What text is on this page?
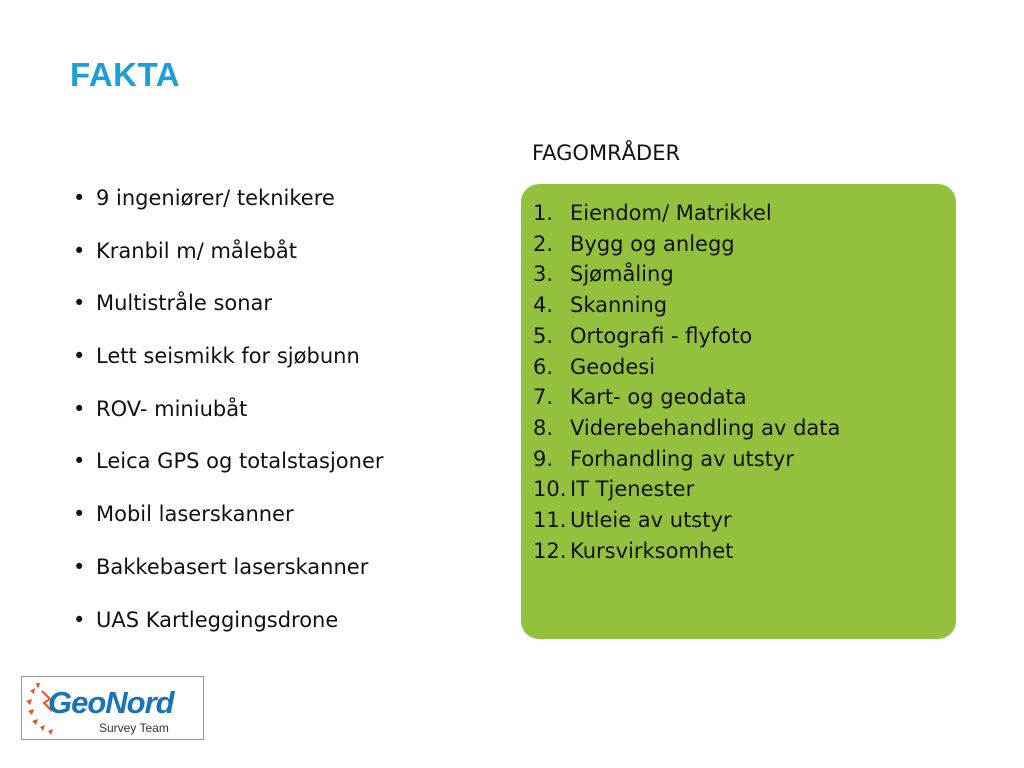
FAKTA
• 9 ingeniører/ teknikere
• Kranbil m/ målebåt
• Multistråle sonar
• Lett seismikk for sjøbunn
• ROV- miniubåt
• Leica GPS og totalstasjoner
• Mobil laserskanner
• Bakkebasert laserskanner
• UAS Kartleggingsdrone
FAGOMRÅDER
1. Eiendom/ Matrikkel
2. Bygg og anlegg
3. Sjømåling
4. Skanning
5. Ortografi - flyfoto
6. Geodesi
7. Kart- og geodata
8. Viderebehandling av data
9. Forhandling av utstyr
10. IT Tjenester
11. Utleie av utstyr
12. Kursvirksomhet
GeoNord
Survey Team
